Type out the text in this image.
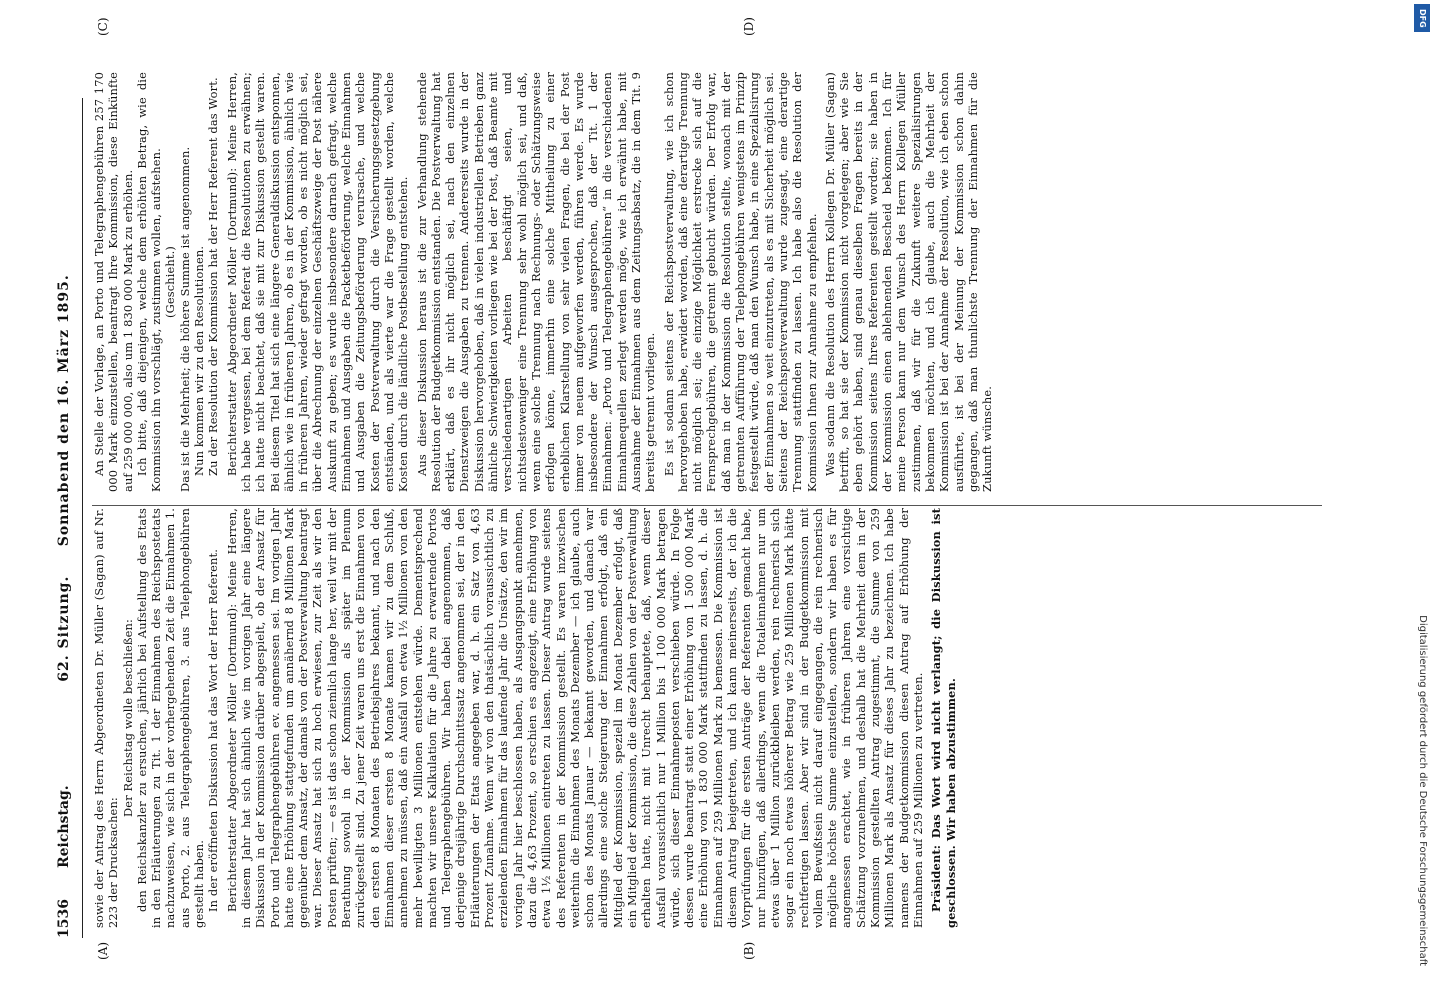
1536
Reichstag.
62. Sitzung.     Sonnabend den 16. März 1895.
(A)	(B)
(C)	(D)

sowie der Antrag des Herrn Abgeordneten Dr. Müller (Sagan) auf Nr. 223 der Drucksachen:

Der Reichstag wolle beschließen: den Reichskanzler zu ersuchen, jährlich bei Aufstellung des Etats in den Erläuterungen zu Tit. 1 der Einnahmen des Reichspostetats nachzuweisen, wie sich in der vorhergehenden Zeit die Einnahmen 1. aus Porto, 2. aus Telegraphengebühren, 3. aus Telephongebühren gestellt haben. In der eröffneten Diskussion hat das Wort der Herr Referent. Berichterstatter Abgeordneter Möller (Dortmund): Meine Herren, in diesem Jahr hat sich ähnlich wie im vorigen Jahr eine längere Diskussion in der Kommission darüber abgespielt, ob der Ansatz für Porto und Telegraphengebühren ev. angemessen sei. Im vorigen Jahr hatte eine Erhöhung stattgefunden um annähernd 8 Millionen Mark gegenüber dem Ansatz, der damals von der Postverwaltung beantragt war. Dieser Ansatz hat sich zu hoch erwiesen, zur Zeit als wir den Posten prüften; — es ist das schon ziemlich lange her, weil wir mit der Berathung sowohl in der Kommission als später im Plenum zurückgestellt sind. Zu jener Zeit waren uns erst die Einnahmen von den ersten 8 Monaten des Betriebsjahres bekannt, und nach den Einnahmen dieser ersten 8 Monate kamen wir zu dem Schluß, annehmen zu müssen, daß ein Ausfall von etwa 1½ Millionen von den mehr bewilligten 3 Millionen entstehen würde. Dementsprechend machten wir unsere Kalkulation für die Jahre zu erwartende Portos und Telegraphengebühren. Wir haben dabei angenommen, daß derjenige dreijährige Durchschnittssatz angenommen sei, der in den Erläuterungen der Etats angegeben war, d. h. ein Satz von 4,63 Prozent Zunahme. Wenn wir von den thatsächlich voraussichtlich zu erzielenden Einnahmen für das laufende Jahr die Unsätze, den wir im vorigen Jahr hier beschlossen haben, als Ausgangspunkt annehmen, dazu die 4,63 Prozent, so erschien es angezeigt, eine Erhöhung von etwa 1½ Millionen eintreten zu lassen. Dieser Antrag wurde seitens des Referenten in der Kommission gestellt. Es waren inzwischen weiterhin die Einnahmen des Monats Dezember — ich glaube, auch schon des Monats Januar — bekannt geworden, und danach war allerdings eine solche Steigerung der Einnahmen erfolgt, daß ein Mitglied der Kommission, speziell im Monat Dezember erfolgt, daß ein Mitglied der Kommission, die diese Zahlen von der Postverwaltung erhalten hatte, nicht mit Unrecht behauptete, daß, wenn dieser Ausfall voraussichtlich nur 1 Million bis 1 100 000 Mark betragen würde, sich dieser Einnahmeposten verschieben würde. In Folge dessen wurde beantragt statt einer Erhöhung von 1 500 000 Mark eine Erhöhung von 1 830 000 Mark stattfinden zu lassen, d. h. die Einnahmen auf 259 Millionen Mark zu bemessen. Die Kommission ist diesem Antrag beigetreten, und ich kann meinerseits, der ich die Vorprüfungen für die ersten Anträge der Referenten gemacht habe, nur hinzufügen, daß allerdings, wenn die Totaleinnahmen nur um etwas über 1 Million zurückbleiben werden, rein rechnerisch sich sogar ein noch etwas höherer Betrag wie 259 Millionen Mark hätte rechtfertigen lassen. Aber wir sind in der Budgetkommission mit vollem Bewußtsein nicht darauf eingegangen, die rein rechnerisch mögliche höchste Summe einzustellen, sondern wir haben es für angemessen erachtet, wie in früheren Jahren eine vorsichtige Schätzung vorzunehmen, und deshalb hat die Mehrheit dem in der Kommission gestellten Antrag zugestimmt, die Summe von 259 Millionen Mark als Ansatz für dieses Jahr zu bezeichnen. Ich habe namens der Budgetkommission diesen Antrag auf Erhöhung der Einnahmen auf 259 Millionen zu vertreten. Präsident: Das Wort wird nicht verlangt; die Diskussion ist geschlossen. Wir haben abzustimmen.

An Stelle der Vorlage, an Porto und Telegraphengebühren 257 170 000 Mark einzustellen, beantragt Ihre Kommission, diese Einkünfte auf 259 000 000, also um 1 830 000 Mark zu erhöhen. Ich bitte, daß diejenigen, welche dem erhöhten Betrag, wie die Kommission ihn vorschlägt, zustimmen wollen, aufstehen. (Geschieht.) Das ist die Mehrheit; die höhere Summe ist angenommen. Nun kommen wir zu den Resolutionen. Zu der Resolution der Kommission hat der Herr Referent das Wort. Berichterstatter Abgeordneter Möller (Dortmund): Meine Herren, ich habe vergessen, bei dem Referat die Resolutionen zu erwähnen; ich hatte nicht beachtet, daß sie mit zur Diskussion gestellt waren. Bei diesem Titel hat sich eine längere Generaldiskussion entsponnen, ähnlich wie in früheren Jahren, ob es in der Kommission, ähnlich wie in früheren Jahren, wieder gefragt worden, ob es nicht möglich sei, über die Abrechnung der einzelnen Geschäftszweige der Post nähere Auskunft zu geben; es wurde insbesondere darnach gefragt, welche Einnahmen und Ausgaben die Packetbeförderung, welche Einnahmen und Ausgaben die Zeitungsbeförderung verursache, und welche Kosten der Postverwaltung durch die Versicherungsgesetzgebung entständen, und als vierte war die Frage gestellt worden, welche Kosten durch die ländliche Postbestellung entstehen. Aus dieser Diskussion heraus ist die zur Verhandlung stehende Resolution der Budgetkommission entstanden. Die Postverwaltung hat erklärt, daß es ihr nicht möglich sei, nach den einzelnen Dienstzweigen die Ausgaben zu trennen. Andererseits wurde in der Diskussion hervorgehoben, daß in vielen industriellen Betrieben ganz ähnliche Schwierigkeiten vorliegen wie bei der Post, daß Beamte mit verschiedenartigen Arbeiten beschäftigt seien, und nichtsdestoweniger eine Trennung sehr wohl möglich sei, und daß, wenn eine solche Trennung nach Rechnungs- oder Schätzungsweise erfolgen könne, immerhin eine solche Mittheilung zu einer erheblichen Klarstellung von sehr vielen Fragen, die bei der Post immer von neuem aufgeworfen werden, führen werde. Es wurde insbesondere der Wunsch ausgesprochen, daß der Tit. 1 der Einnahmen: „Porto und Telegraphengebühren“ in die verschiedenen Einnahmequellen zerlegt werden möge, wie ich erwähnt habe, mit Ausnahme der Einnahmen aus dem Zeitungsabsatz, die in dem Tit. 9 bereits getrennt vorliegen. Es ist sodann seitens der Reichspostverwaltung, wie ich schon hervorgehoben habe, erwidert worden, daß eine derartige Trennung nicht möglich sei; die einzige Möglichkeit erstrecke sich auf die Fernsprechgebühren, die getrennt gebucht würden. Der Erfolg war, daß man in der Kommission die Resolution stellte, wonach mit der getrennten Aufführung der Telephongebühren wenigstens im Prinzip festgestellt würde, daß man den Wunsch habe, in eine Spezialisirung der Einnahmen so weit einzutreten, als es mit Sicherheit möglich sei. Seitens der Reichspostverwaltung wurde zugesagt, eine derartige Trennung stattfinden zu lassen. Ich habe also die Resolution der Kommission Ihnen zur Annahme zu empfehlen. Was sodann die Resolution des Herrn Kollegen Dr. Müller (Sagan) betrifft, so hat sie der Kommission nicht vorgelegen; aber wie Sie eben gehört haben, sind genau dieselben Fragen bereits in der Kommission seitens Ihres Referenten gestellt worden; sie haben in der Kommission einen ablehnenden Bescheid bekommen. Ich für meine Person kann nur dem Wunsch des Herrn Kollegen Müller zustimmen, daß wir für die Zukunft weitere Spezialisirungen bekommen möchten, und ich glaube, auch die Mehrheit der Kommission ist bei der Annahme der Resolution, wie ich eben schon ausführte, ist bei der Meinung der Kommission schon dahin gegangen, daß man thunlichste Trennung der Einnahmen für die Zukunft wünsche.

Digitalisierung gefördert durch die Deutsche Forschungsgemeinschaft
DFG
